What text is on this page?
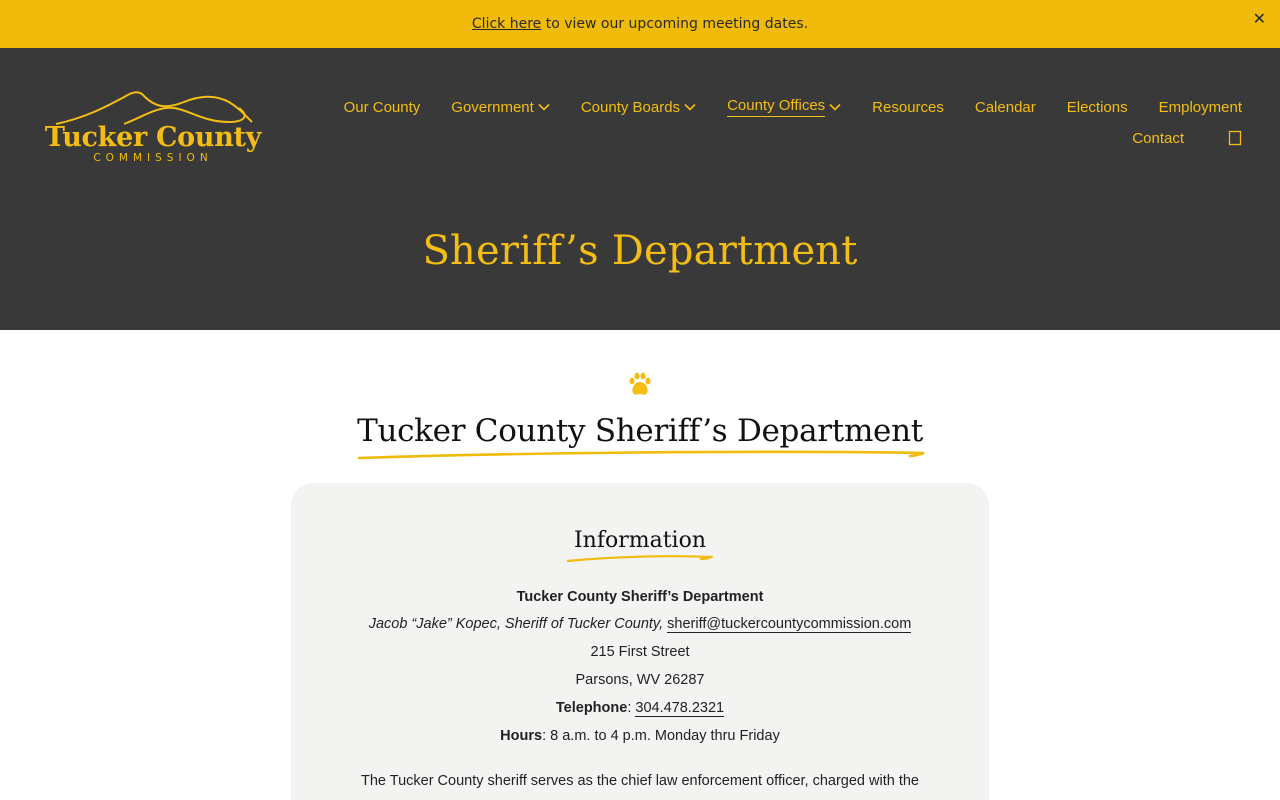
Click here to view our upcoming meeting dates.	✕
Tucker County
COMMISSION
Our County Government	County Boards	County Offices	Resources Calendar Elections Employment
Contact
Sheriff’s Department
Tucker County Sheriff’s Department
Information
Tucker County Sheriff’s Department
Jacob “Jake” Kopec, Sheriff of Tucker County, sheriff@tuckercountycommission.com
215 First Street
Parsons, WV 26287
Telephone: 304.478.2321
Hours: 8 a.m. to 4 p.m. Monday thru Friday
The Tucker County sheriff serves as the chief law enforcement officer, charged with the
